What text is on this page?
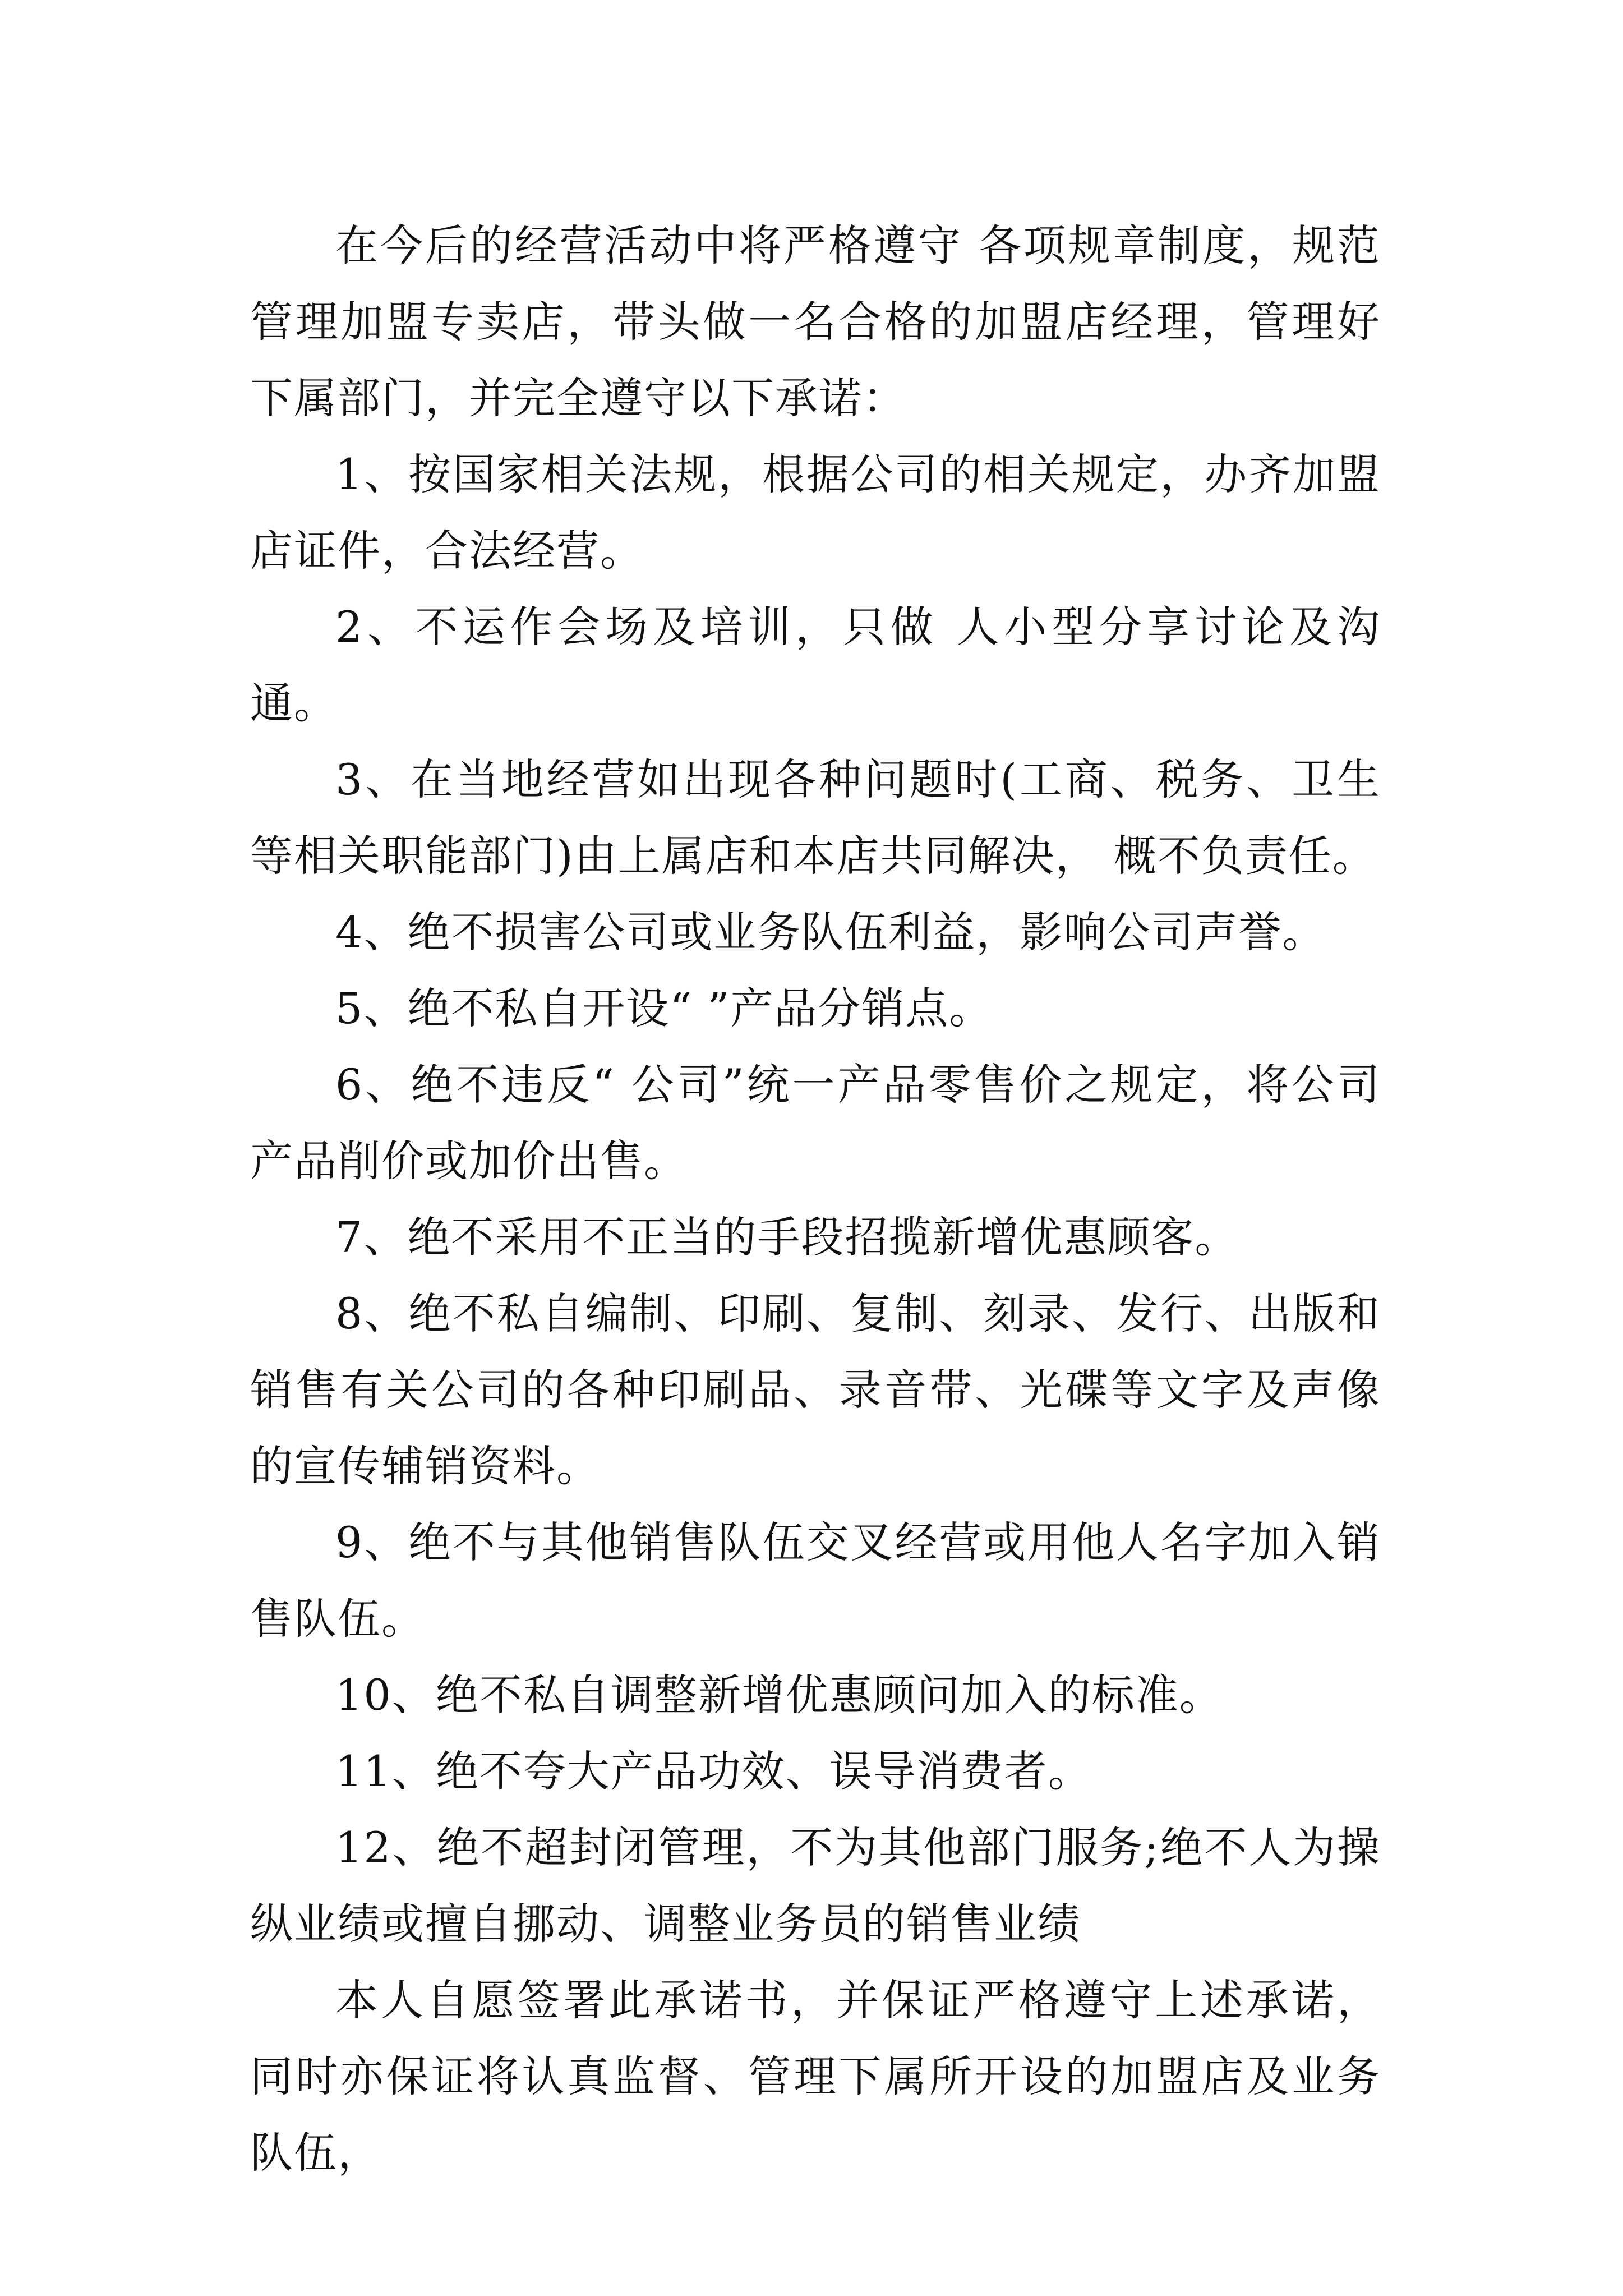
在今后的经营活动中将严格遵守 各项规章制度，规范管理加盟专卖店，带头做一名合格的加盟店经理，管理好下属部门，并完全遵守以下承诺：

1、按国家相关法规，根据公司的相关规定，办齐加盟店证件，合法经营。

2、不运作会场及培训，只做 人小型分享讨论及沟通。

3、在当地经营如出现各种问题时(工商、税务、卫生等相关职能部门)由上属店和本店共同解决， 概不负责任。

4、绝不损害公司或业务队伍利益，影响公司声誉。

5、绝不私自开设“ ”产品分销点。

6、绝不违反“ 公司”统一产品零售价之规定，将公司产品削价或加价出售。

7、绝不采用不正当的手段招揽新增优惠顾客。

8、绝不私自编制、印刷、复制、刻录、发行、出版和销售有关公司的各种印刷品、录音带、光碟等文字及声像的宣传辅销资料。

9、绝不与其他销售队伍交叉经营或用他人名字加入销售队伍。

10、绝不私自调整新增优惠顾问加入的标准。

11、绝不夸大产品功效、误导消费者。

12、绝不超封闭管理，不为其他部门服务;绝不人为操纵业绩或擅自挪动、调整业务员的销售业绩

本人自愿签署此承诺书，并保证严格遵守上述承诺，同时亦保证将认真监督、管理下属所开设的加盟店及业务队伍，
